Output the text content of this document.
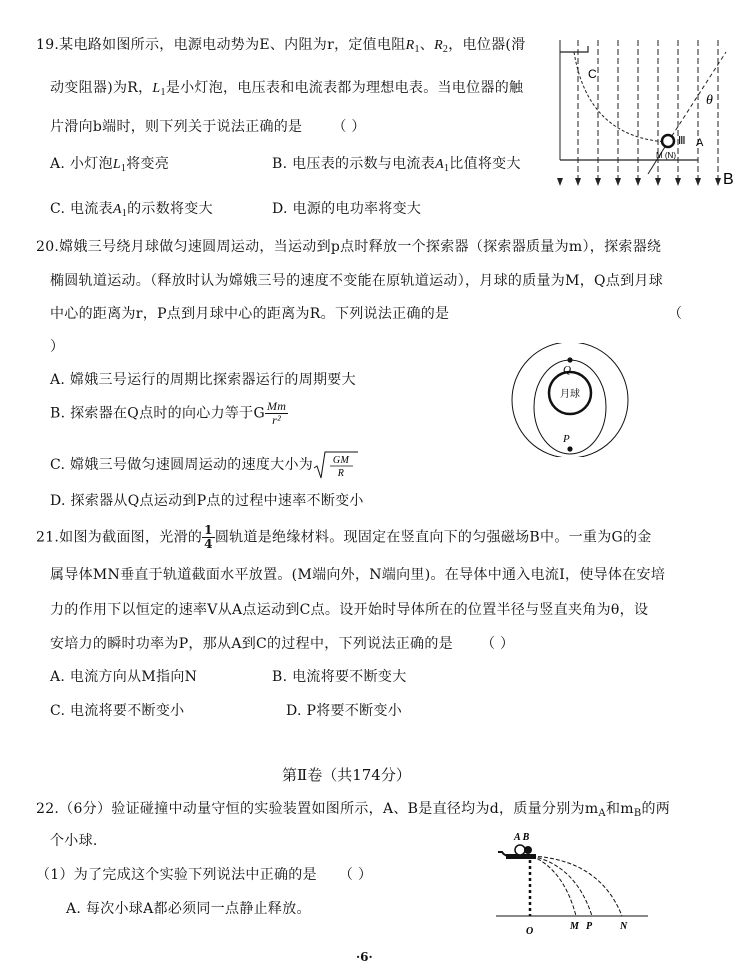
19.某电路如图所示，电源电动势为E、内阻为r，定值电阻$R_1$、$R_2$，电位器(滑
动变阻器)为R，$L_1$是小灯泡，电压表和电流表都为理想电表。当电位器的触
片滑向b端时，则下列关于说法正确的是 （ ）
A. 小灯泡$L_1$将变亮	B. 电压表的示数与电流表$A_1$比值将变大
C. 电流表$A_1$的示数将变大	D. 电源的电功率将变大
C
θ
Ⅲ A
M (N)
B
20.嫦娥三号绕月球做匀速圆周运动，当运动到p点时释放一个探索器（探索器质量为m），探索器绕
椭圆轨道运动。（释放时认为嫦娥三号的速度不变能在原轨道运动），月球的质量为M，Q点到月球
中心的距离为r，P点到月球中心的距离为R。下列说法正确的是	（
）
A. 嫦娥三号运行的周期比探索器运行的周期要大
B. 探索器在Q点时的向心力等于G $\frac{Mm}{\text{r²}}$
C. 嫦娥三号做匀速圆周运动的速度大小为 GM
R
D. 探索器从Q点运动到P点的过程中速率不断变小
月球
Q
P
21.如图为截面图，光滑的 $\frac{1}{4}$ 圆轨道是绝缘材料。现固定在竖直向下的匀强磁场B中。一重为G的金
属导体MN垂直于轨道截面水平放置。(M端向外，N端向里)。在导体中通入电流I，使导体在安培
力的作用下以恒定的速率V从A点运动到C点。设开始时导体所在的位置半径与竖直夹角为θ，设
安培力的瞬时功率为P，那从A到C的过程中，下列说法正确的是 （ ）
A. 电流方向从M指向N	B. 电流将要不断变大
C. 电流将要不断变小	D. P将要不断变小
第Ⅱ卷（共174分）
22.（6分）验证碰撞中动量守恒的实验装置如图所示，A、B是直径均为d，质量分别为$m_A$和$m_B$的两
个小球.
（1）为了完成这个实验下列说法中正确的是 （ ）
A. 每次小球A都必须同一点静止释放。
A B
O	M P	N
·6·
